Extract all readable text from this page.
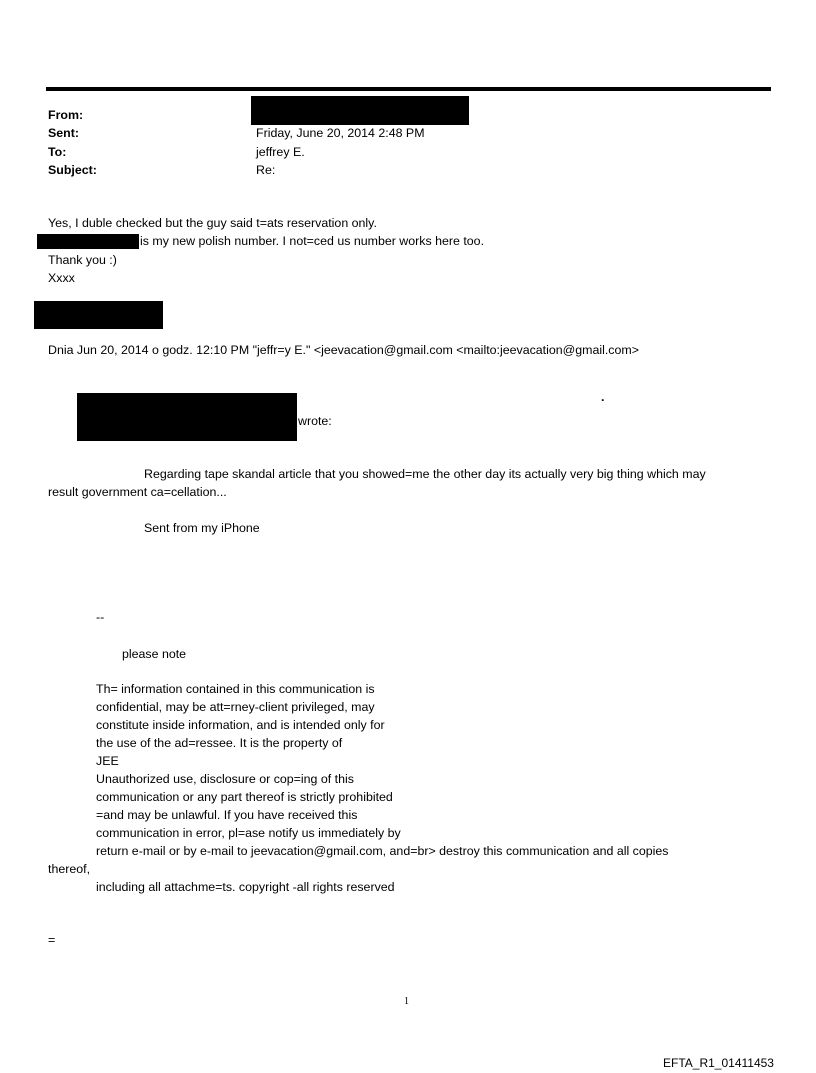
From:
Sent:	Friday, June 20, 2014 2:48 PM
To:	jeffrey E.
Subject:	Re:
Yes, I duble checked but the guy said t=ats reservation only.
is my new polish number. I not=ced us number works here too.
Thank you :)
Xxxx
Dnia Jun 20, 2014 o godz. 12:10 PM "jeffr=y E." <jeevacation@gmail.com <mailto:jeevacation@gmail.com>
.
wrote:
Regarding tape skandal article that you showed=me the other day its actually very big thing which may
result government ca=cellation...
Sent from my iPhone
--
please note
Th= information contained in this communication is
confidential, may be att=rney-client privileged, may
constitute inside information, and is intended only for
the use of the ad=ressee. It is the property of
JEE
Unauthorized use, disclosure or cop=ing of this
communication or any part thereof is strictly prohibited
=and may be unlawful. If you have received this
communication in error, pl=ase notify us immediately by
return e-mail or by e-mail to jeevacation@gmail.com, and=br> destroy this communication and all copies
thereof,
including all attachme=ts. copyright -all rights reserved
=
1
EFTA_R1_01411453
